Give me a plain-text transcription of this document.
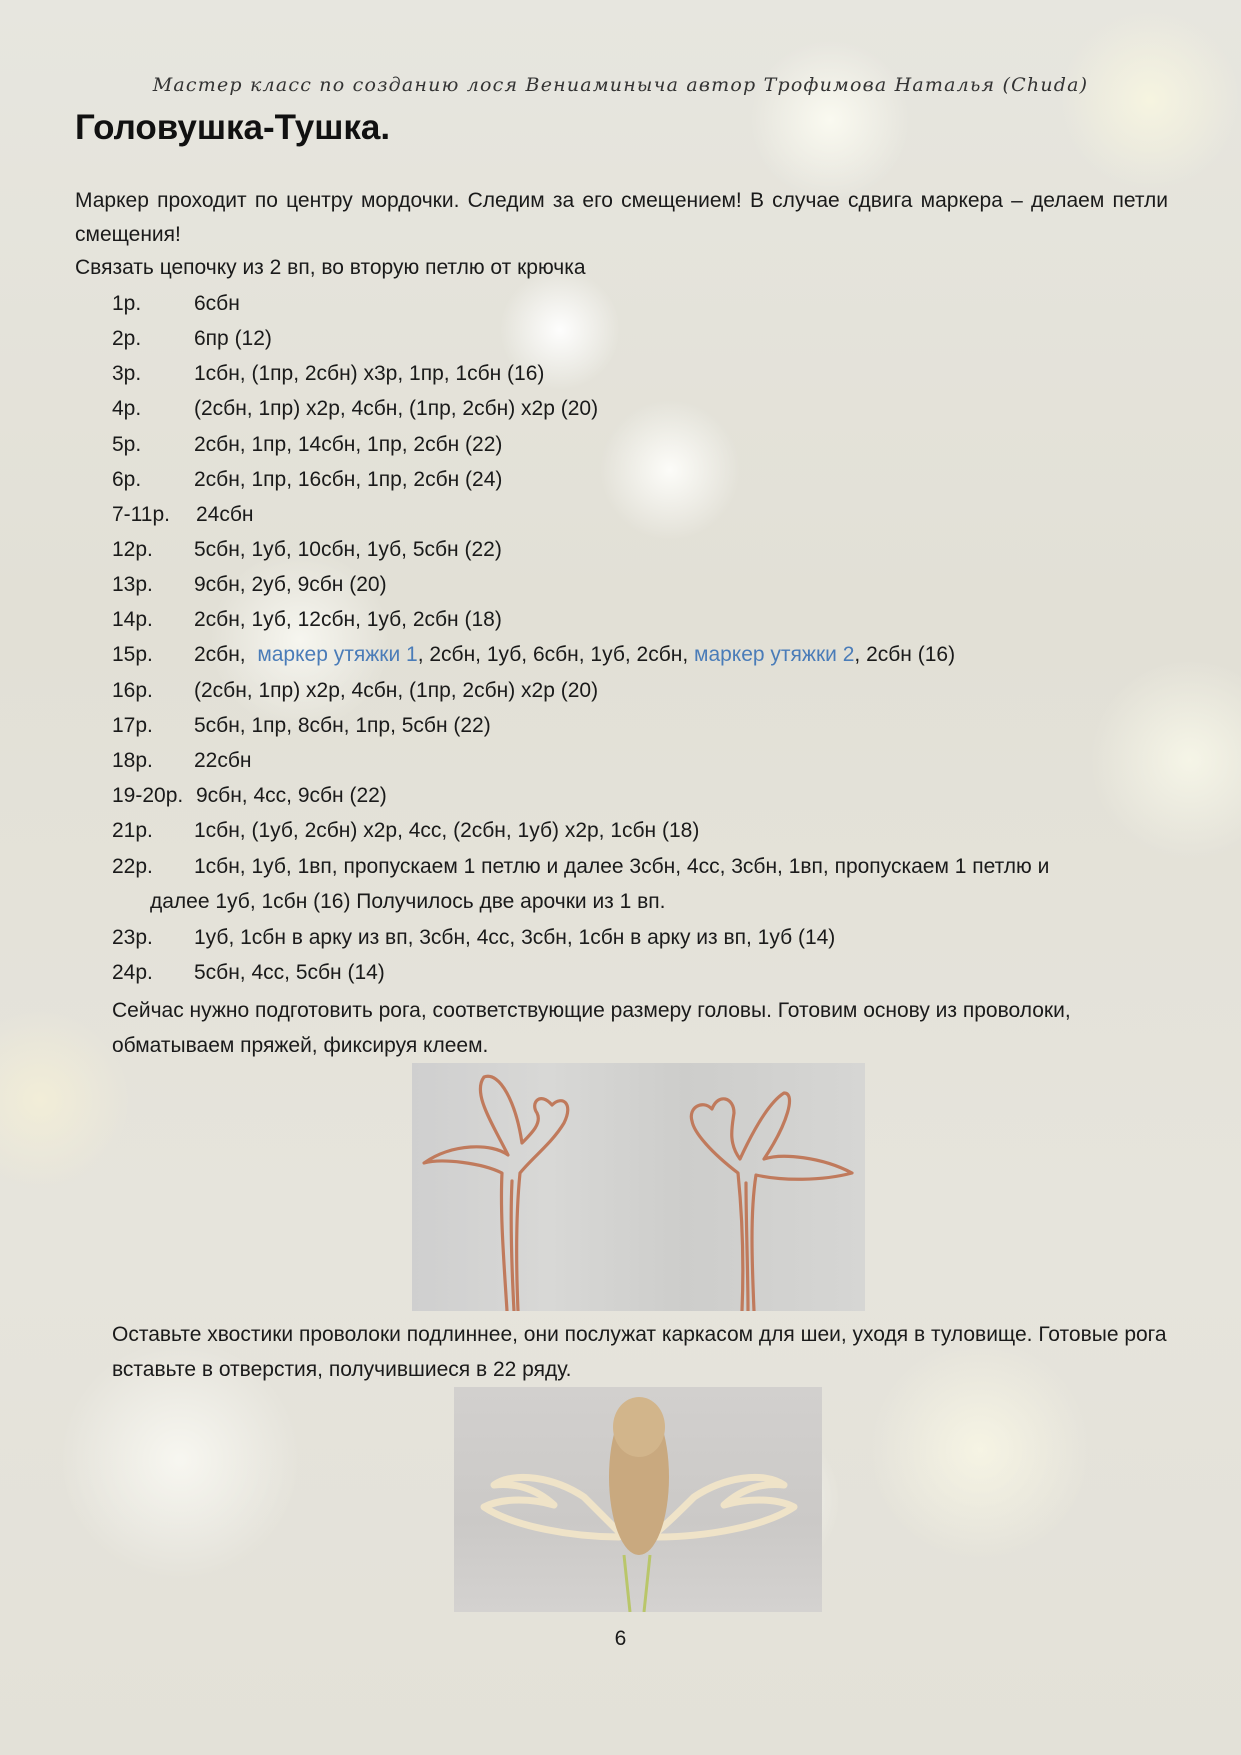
Мастер класс по созданию лося Вениаминыча автор Трофимова Наталья (Chuda)
Головушка-Тушка.
Маркер проходит по центру мордочки. Следим за его смещением! В случае сдвига маркера – делаем петли смещения!
Связать цепочку из 2 вп, во вторую петлю от крючка
1р.	6сбн
2р.	6пр (12)
3р.	1сбн, (1пр, 2сбн) х3р, 1пр, 1сбн (16)
4р.	(2сбн, 1пр) х2р, 4сбн, (1пр, 2сбн) х2р (20)
5р.	2сбн, 1пр, 14сбн, 1пр, 2сбн (22)
6р.	2сбн, 1пр, 16сбн, 1пр, 2сбн (24)
7-11р. 24сбн
12р. 5сбн, 1уб, 10сбн, 1уб, 5сбн (22)
13р. 9сбн, 2уб, 9сбн (20)
14р. 2сбн, 1уб, 12сбн, 1уб, 2сбн (18)
15р. 2сбн,  маркер утяжки 1, 2сбн, 1уб, 6сбн, 1уб, 2сбн, маркер утяжки 2, 2сбн (16)
16р. (2сбн, 1пр) х2р, 4сбн, (1пр, 2сбн) х2р (20)
17р. 5сбн, 1пр, 8сбн, 1пр, 5сбн (22)
18р. 22сбн
19-20р. 9сбн, 4сс, 9сбн (22)
21р. 1сбн, (1уб, 2сбн) х2р, 4сс, (2сбн, 1уб) х2р, 1сбн (18)
22р. 1сбн, 1уб, 1вп, пропускаем 1 петлю и далее 3сбн, 4сс, 3сбн, 1вп, пропускаем 1 петлю и
далее 1уб, 1сбн (16) Получилось две арочки из 1 вп.
23р. 1уб, 1сбн в арку из вп, 3сбн, 4сс, 3сбн, 1сбн в арку из вп, 1уб (14)
24р. 5сбн, 4сс, 5сбн (14)
Сейчас нужно подготовить рога, соответствующие размеру головы. Готовим основу из проволоки, обматываем пряжей, фиксируя клеем.
Оставьте хвостики проволоки подлиннее, они послужат каркасом для шеи, уходя в туловище. Готовые рога вставьте в отверстия, получившиеся в 22 ряду.
6
